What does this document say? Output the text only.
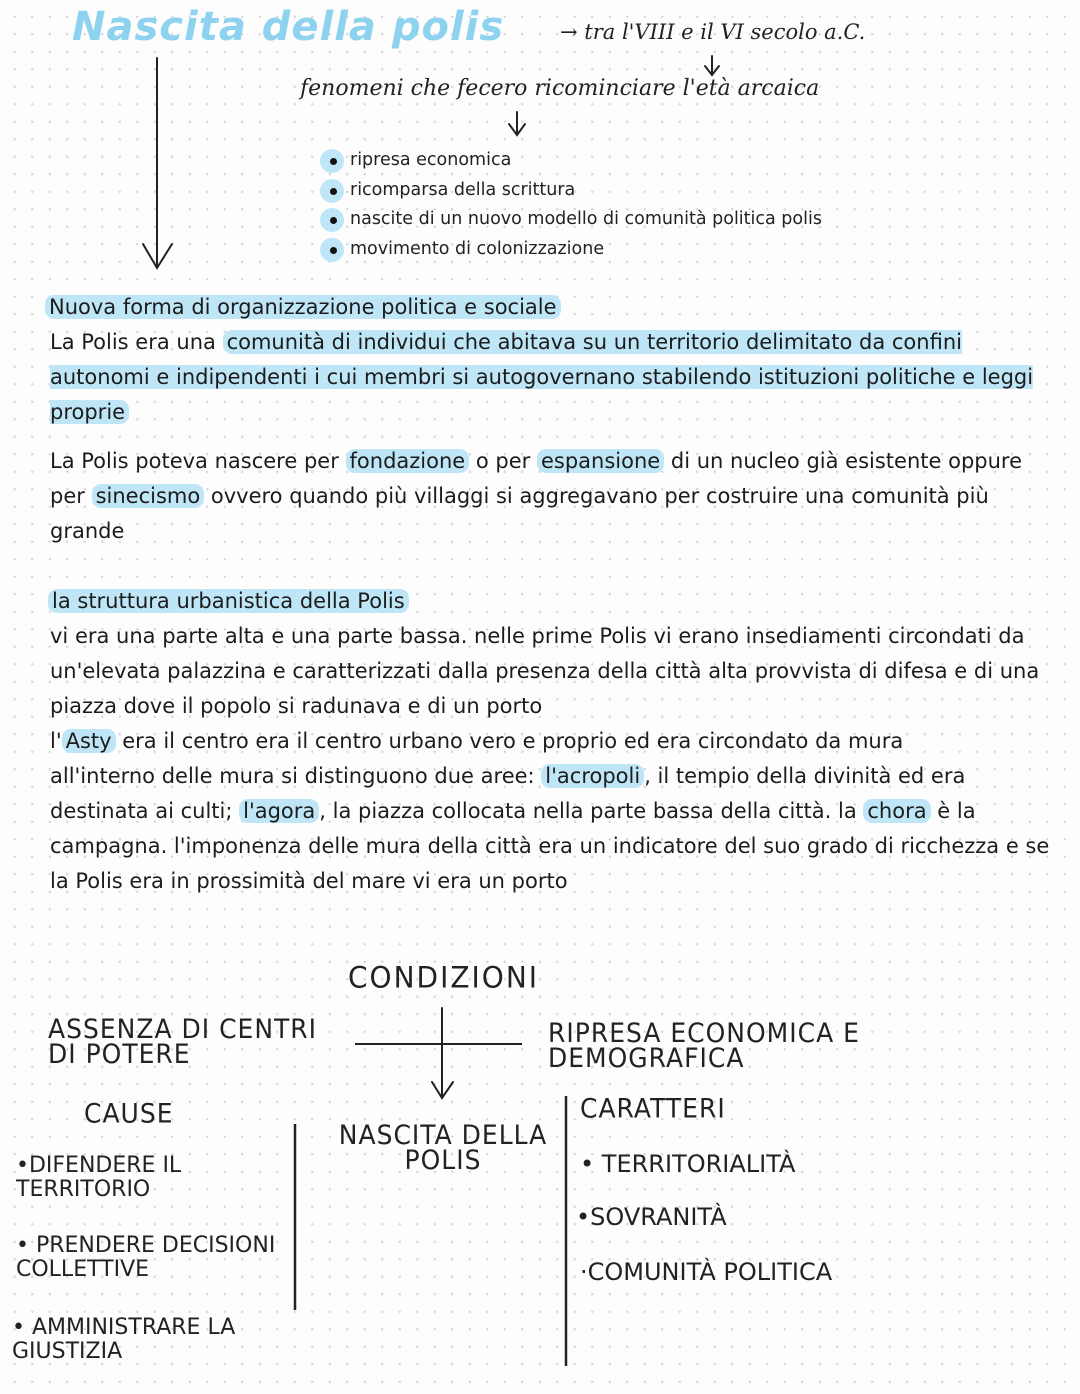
Nascita della polis	→ tra l'VIII e il VI secolo a.C.
fenomeni che fecero ricominciare l'età arcaica
ripresa economica
ricomparsa della scrittura
nascite di un nuovo modello di comunità politica polis
movimento di colonizzazione
Nuova forma di organizzazione politica e sociale

La Polis era una comunità di individui che abitava su un territorio delimitato da confini autonomi e indipendenti i cui membri si autogovernano stabilendo istituzioni politiche e leggi proprie

La Polis poteva nascere per fondazione o per espansione di un nucleo già esistente oppure per sinecismo ovvero quando più villaggi si aggregavano per costruire una comunità più grande

la struttura urbanistica della Polis

vi era una parte alta e una parte bassa. nelle prime Polis vi erano insediamenti circondati da un'elevata palazzina e caratterizzati dalla presenza della città alta provvista di difesa e di una piazza dove il popolo si radunava e di un porto

l' Asty era il centro era il centro urbano vero e proprio ed era circondato da mura

all'interno delle mura si distinguono due aree: l'acropoli , il tempio della divinità ed era destinata ai culti; l'agora , la piazza collocata nella parte bassa della città. la chora è la campagna. l'imponenza delle mura della città era un indicatore del suo grado di ricchezza e se la Polis era in prossimità del mare vi era un porto

CONDIZIONI
ASSENZA DI CENTRI DI POTERE
RIPRESA ECONOMICA E DEMOGRAFICA
CAUSE
NASCITA DELLA POLIS
CARATTERI
•DIFENDERE IL TERRITORIO
• PRENDERE DECISIONI COLLETTIVE
• AMMINISTRARE LA GIUSTIZIA
• TERRITORIALITÀ
•SOVRANITÀ
·COMUNITÀ POLITICA
